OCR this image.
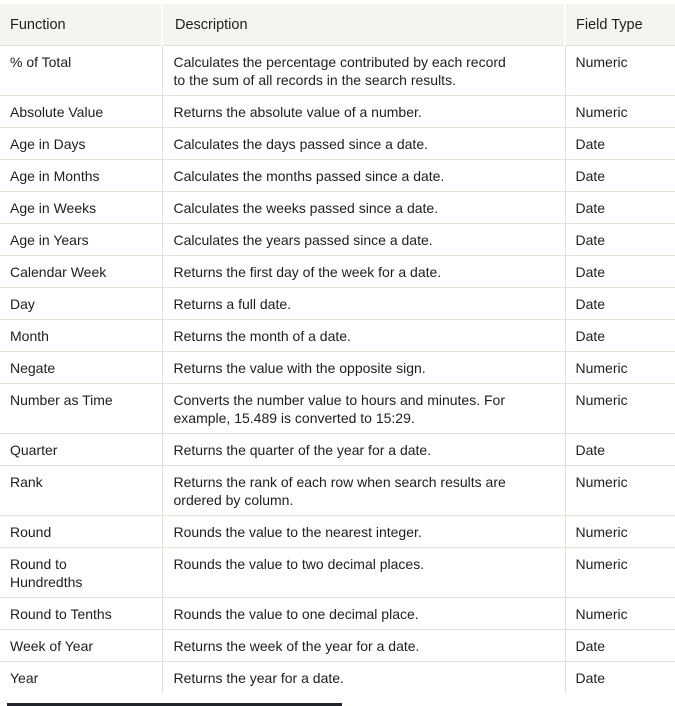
Function	Description	Field Type
% of Total	Calculates the percentage contributed by each record to the sum of all records in the search results.	Numeric
Absolute Value	Returns the absolute value of a number.	Numeric
Age in Days	Calculates the days passed since a date.	Date
Age in Months	Calculates the months passed since a date.	Date
Age in Weeks	Calculates the weeks passed since a date.	Date
Age in Years	Calculates the years passed since a date.	Date
Calendar Week	Returns the first day of the week for a date.	Date
Day	Returns a full date.	Date
Month	Returns the month of a date.	Date
Negate	Returns the value with the opposite sign.	Numeric
Number as Time	Converts the number value to hours and minutes. For example, 15.489 is converted to 15:29.	Numeric
Quarter	Returns the quarter of the year for a date.	Date
Rank	Returns the rank of each row when search results are ordered by column.	Numeric
Round	Rounds the value to the nearest integer.	Numeric
Round to Hundredths	Rounds the value to two decimal places.	Numeric
Round to Tenths	Rounds the value to one decimal place.	Numeric
Week of Year	Returns the week of the year for a date.	Date
Year	Returns the year for a date.	Date
